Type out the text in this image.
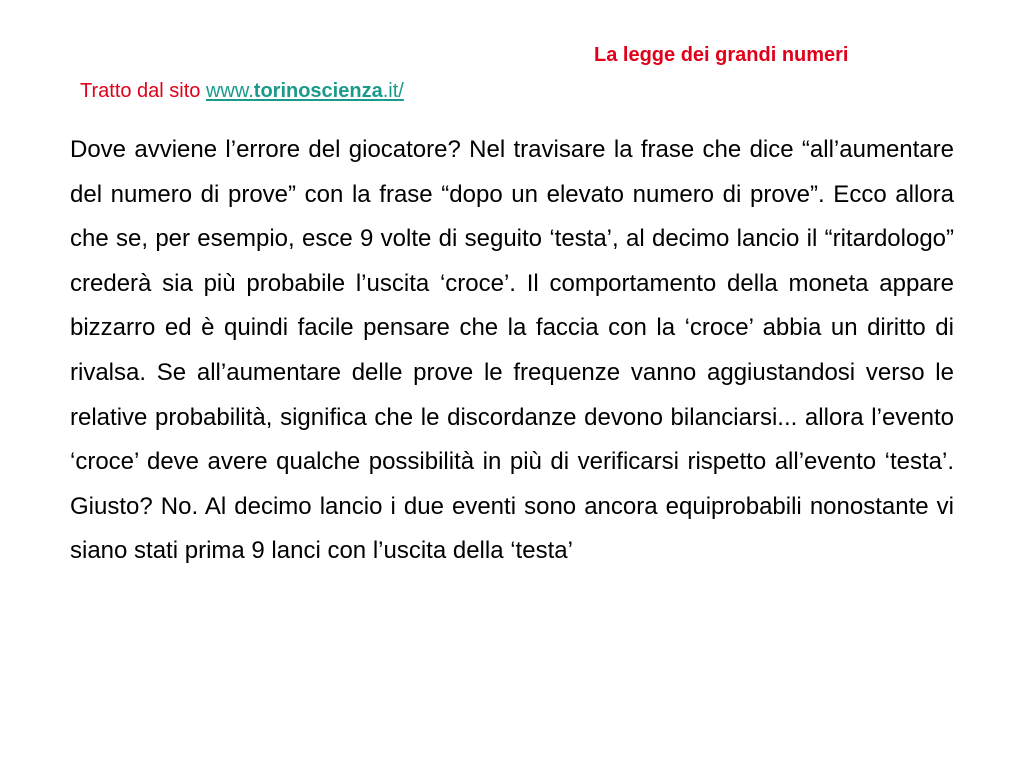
La legge dei grandi numeri
Tratto dal sito www.torinoscienza.it/

Dove avviene l’errore del giocatore? Nel travisare la frase che dice “all’aumentare del numero di prove” con la frase “dopo un elevato numero di prove”. Ecco allora che se, per esempio, esce 9 volte di seguito ‘testa’, al decimo lancio il “ritardologo” crederà sia più probabile l’uscita ‘croce’. Il comportamento della moneta appare bizzarro ed è quindi facile pensare che la faccia con la ‘croce’ abbia un diritto di rivalsa. Se all’aumentare delle prove le frequenze vanno aggiustandosi verso le relative probabilità, significa che le discordanze devono bilanciarsi... allora l’evento ‘croce’ deve avere qualche possibilità in più di verificarsi rispetto all’evento ‘testa’. Giusto? No. Al decimo lancio i due eventi sono ancora equiprobabili nonostante vi siano stati prima 9 lanci con l’uscita della ‘testa’
